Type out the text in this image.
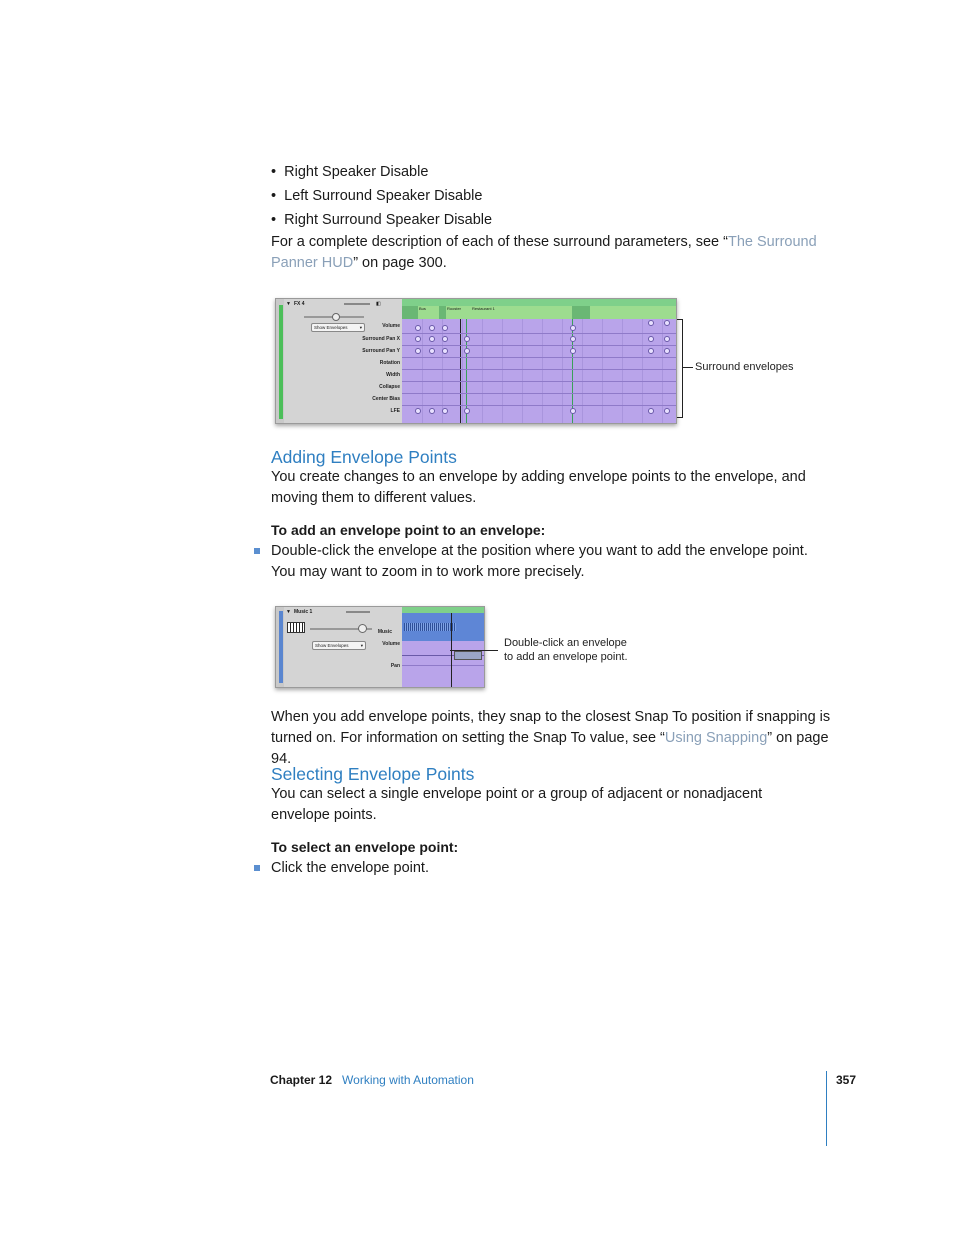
•  Right Speaker Disable
•  Left Surround Speaker Disable
•  Right Surround Speaker Disable
For a complete description of each of these surround parameters, see “The Surround
Panner HUD” on page 300.
▼ FX 4	◧
Show Envelopes	▾	Volume
Surround Pan X
Surround Pan Y
Rotation
Width
Collapse
Center Bias
LFE
Bus	Rooster	Restaurant 1
Surround envelopes
Adding Envelope Points
You create changes to an envelope by adding envelope points to the envelope, and
moving them to different values.
To add an envelope point to an envelope:
Double-click the envelope at the position where you want to add the envelope point.
You may want to zoom in to work more precisely.
▼ Music 1
Show Envelopes	▾
Music
Volume
Pan
Double-click an envelope
to add an envelope point.
When you add envelope points, they snap to the closest Snap To position if snapping is
turned on. For information on setting the Snap To value, see “Using Snapping” on page 94.
Selecting Envelope Points
You can select a single envelope point or a group of adjacent or nonadjacent
envelope points.
To select an envelope point:
Click the envelope point.
Chapter 12 Working with Automation	357
